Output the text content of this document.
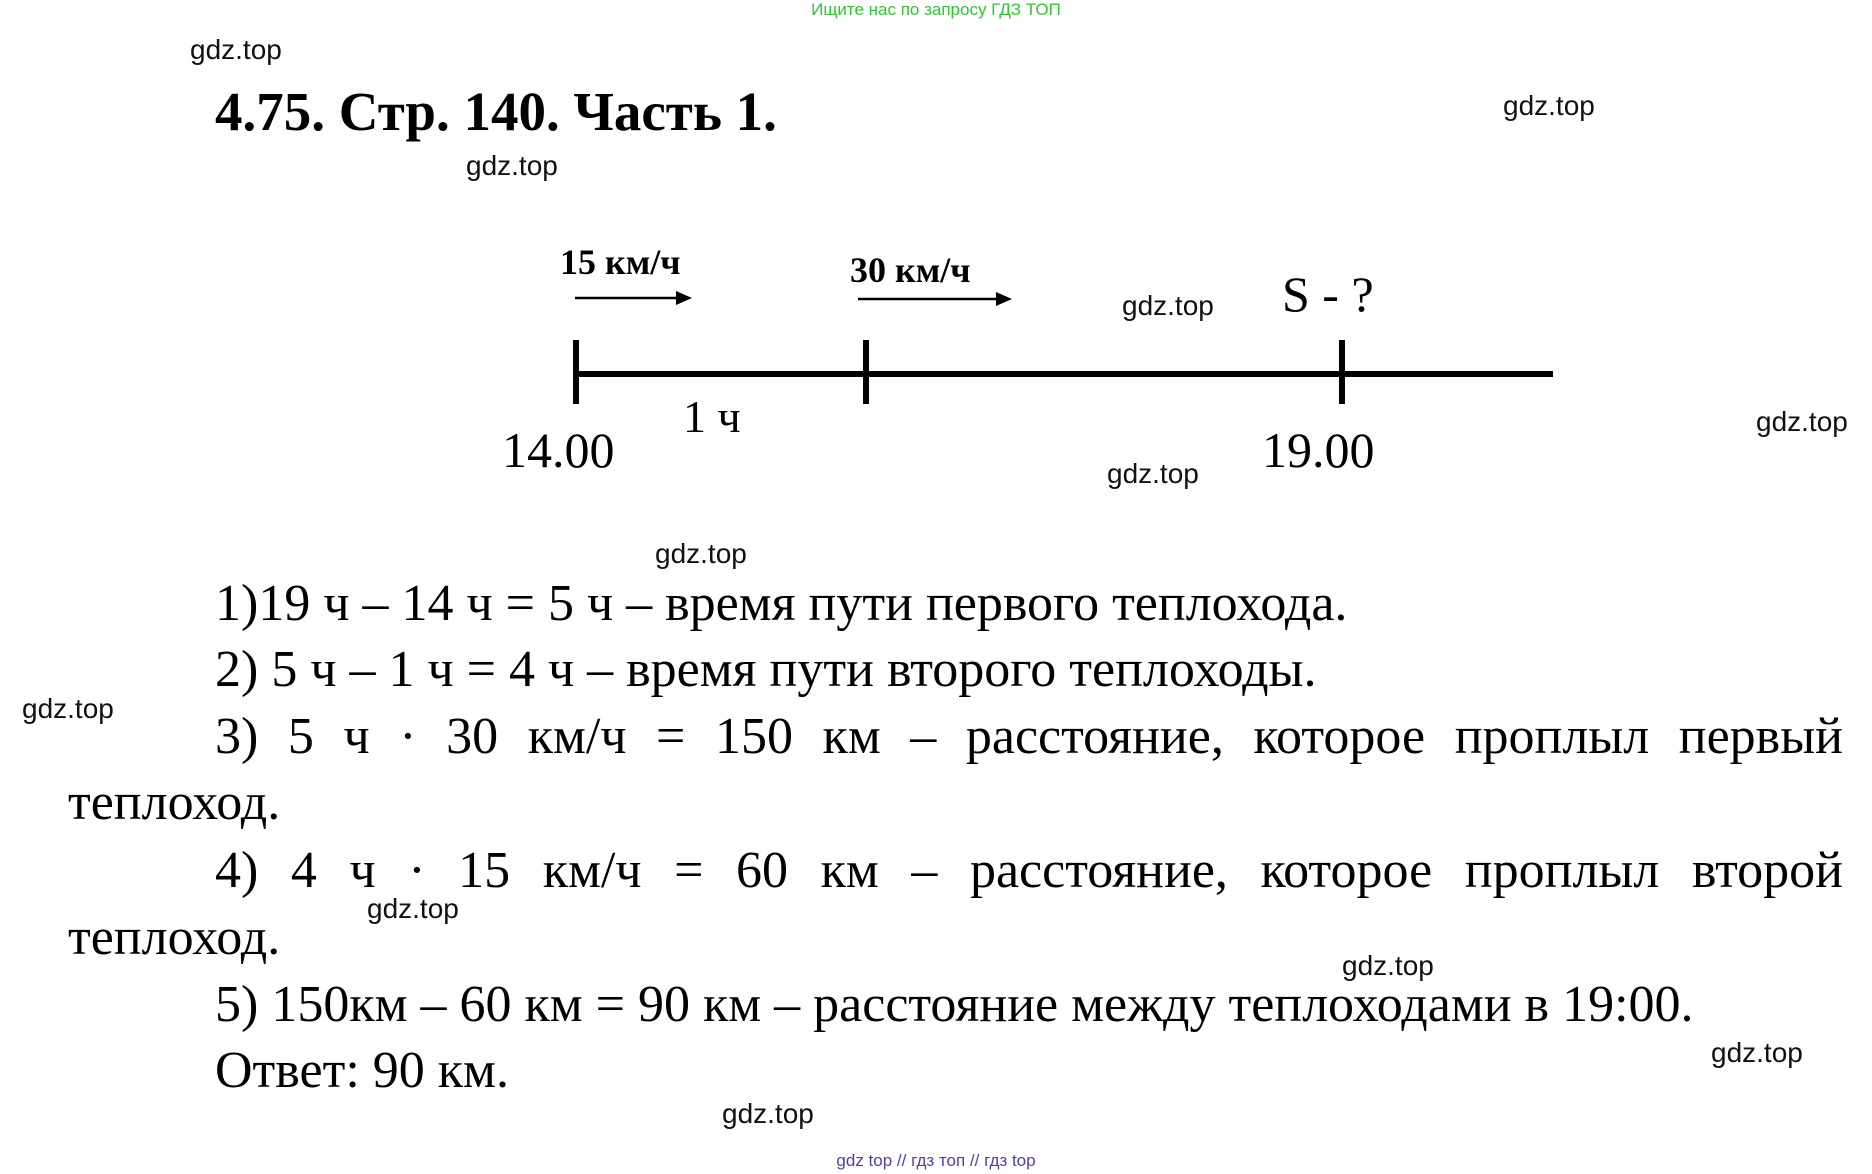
Ищите нас по запросу ГДЗ ТОП
4.75. Стр. 140. Часть 1.
15 км/ч	30 км/ч	S - ?
1 ч
14.00	19.00
1)19 ч – 14 ч = 5 ч – время пути первого теплохода.
2) 5 ч – 1 ч = 4 ч – время пути второго теплоходы.
3) 5 ч · 30 км/ч = 150 км – расстояние, которое проплыл первый
теплоход.
4) 4 ч · 15 км/ч = 60 км – расстояние, которое проплыл второй
теплоход.
5) 150км – 60 км = 90 км – расстояние между теплоходами в 19:00.
Ответ: 90 км.
gdz.top
gdz.top
gdz.top
gdz.top
gdz.top
gdz.top
gdz.top
gdz.top
gdz.top
gdz.top
gdz.top
gdz.top
gdz top // гдз топ // гдз top
